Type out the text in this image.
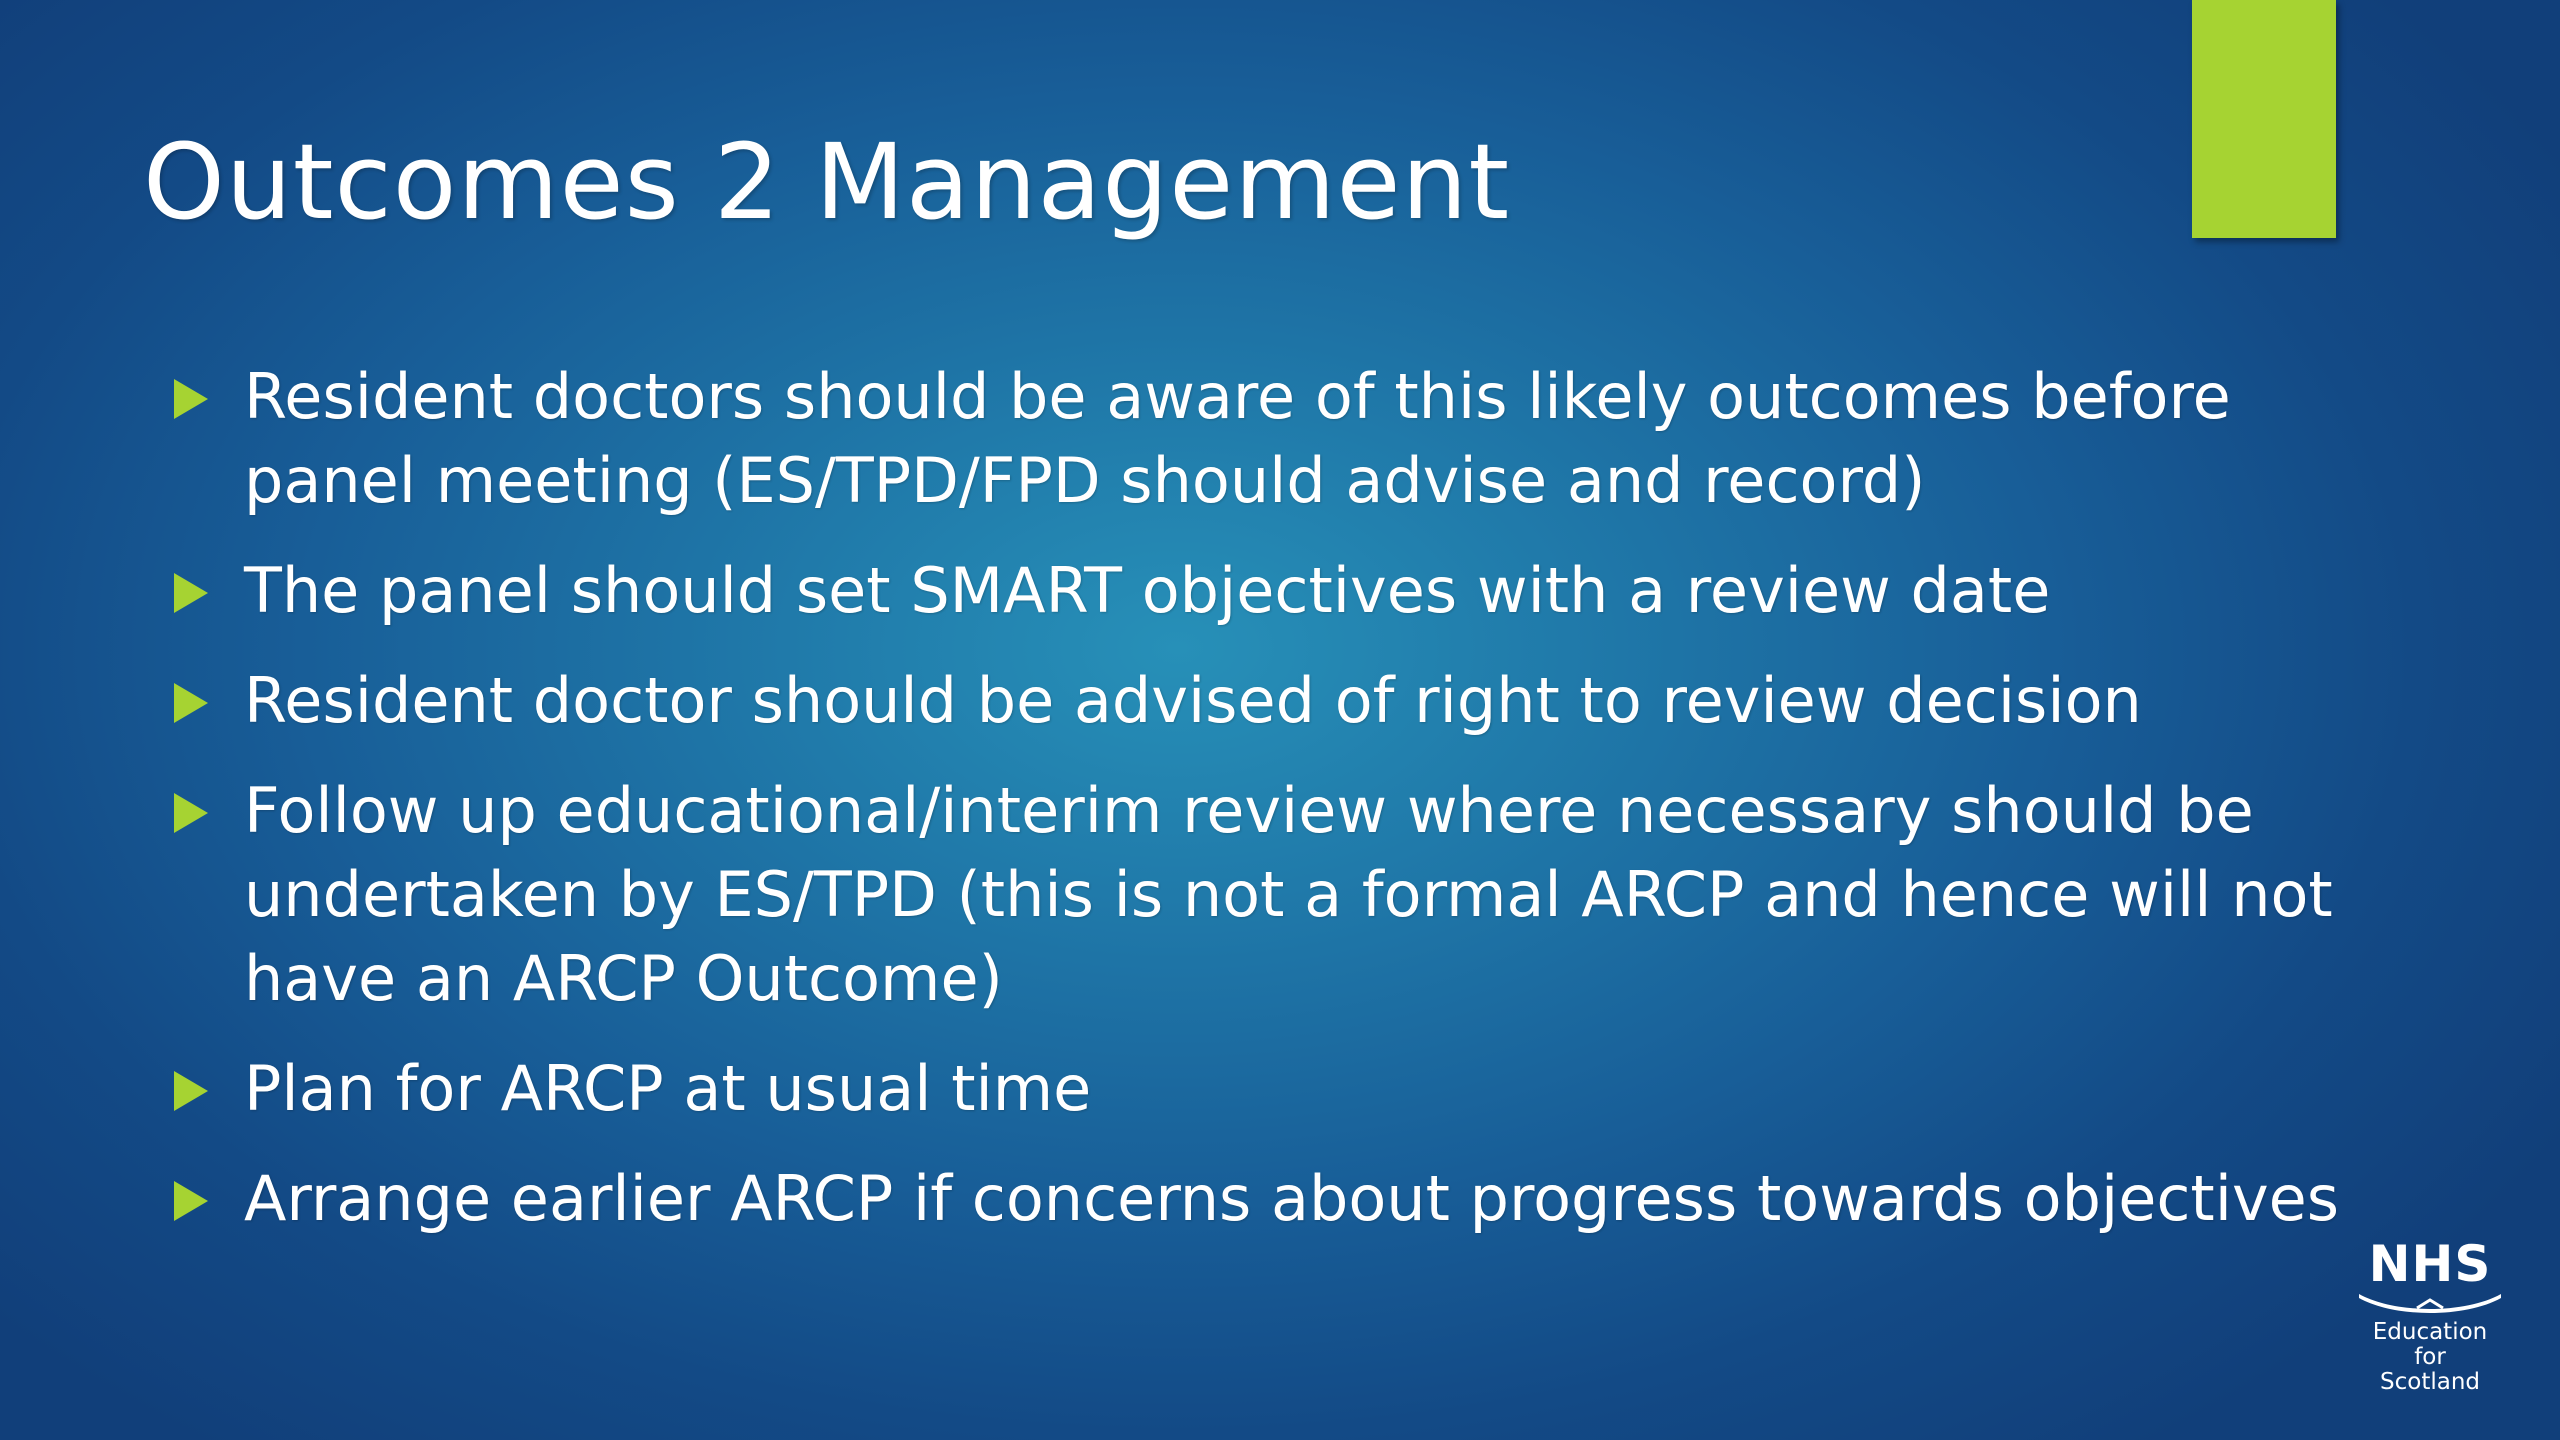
Outcomes 2 Management
Resident doctors should be aware of this likely outcomes before panel meeting (ES/TPD/FPD should advise and record)
The panel should set SMART objectives with a review date
Resident doctor should be advised of right to review decision
Follow up educational/interim review where necessary should be undertaken by ES/TPD (this is not a formal ARCP and hence will not have an ARCP Outcome)
Plan for ARCP at usual time
Arrange earlier ARCP if concerns about progress towards objectives
NHS
Education
for
Scotland
